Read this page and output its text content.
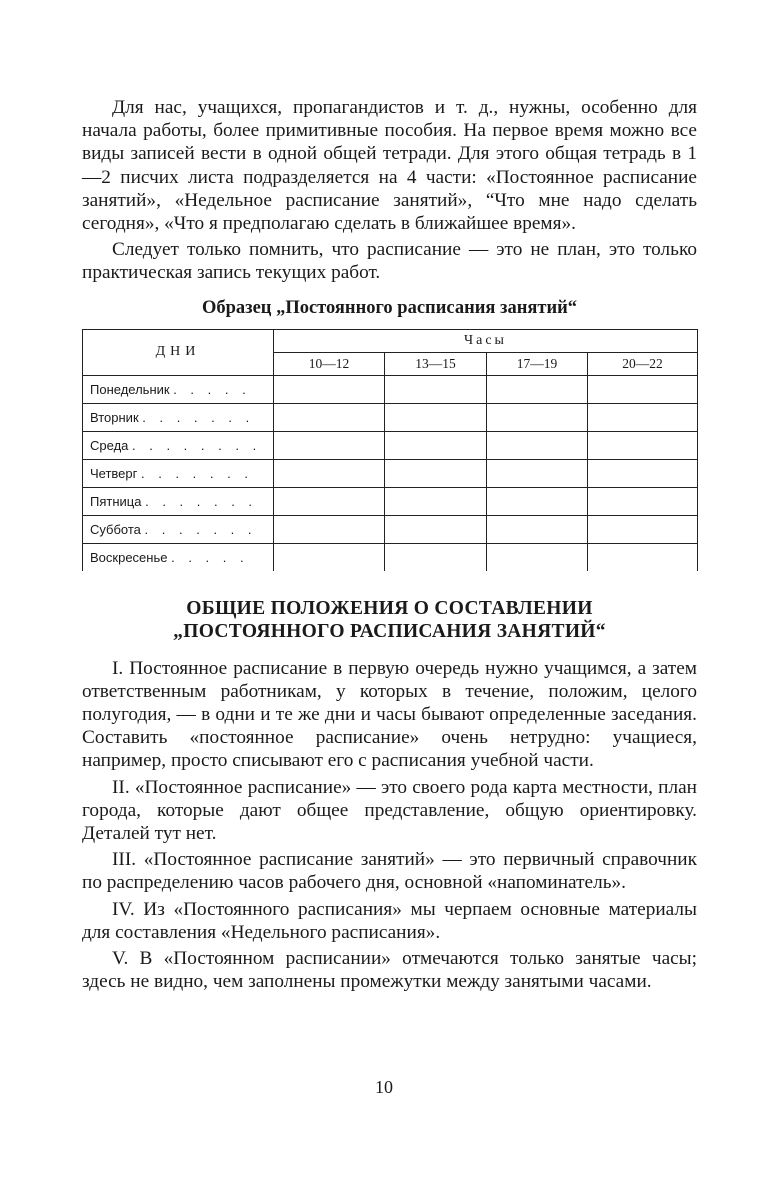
Для нас, учащихся, пропагандистов и т. д., нужны, особенно для начала работы, более примитивные пособия. На первое время можно все виды записей вести в одной общей тетради. Для этого общая тетрадь в 1—2 писчих листа подразделяется на 4 части: «Постоянное расписание занятий», «Недельное расписание занятий», “Что мне надо сделать сегодня», «Что я предполагаю сделать в ближайшее время».

Следует только помнить, что расписание — это не план, это только практическая запись текущих работ.

Образец „Постоянного расписания занятий“
ДНИ	Часы			
	10—12	13—15	17—19	20—22
Понедельник . . . . .				
Вторник . . . . . . .				
Среда . . . . . . . .				
Четверг . . . . . . .				
Пятница . . . . . . .				
Суббота . . . . . . .				
Воскресенье . . . . .				
ОБЩИЕ ПОЛОЖЕНИЯ О СОСТАВЛЕНИИ
„ПОСТОЯННОГО РАСПИСАНИЯ ЗАНЯТИЙ“

I. Постоянное расписание в первую очередь нужно учащимся, а затем ответственным работникам, у которых в течение, положим, целого полугодия, — в одни и те же дни и часы бывают определенные заседания. Составить «постоянное расписание» очень нетрудно: учащиеся, например, просто списывают его с расписания учебной части.

II. «Постоянное расписание» — это своего рода карта местности, план города, которые дают общее представление, общую ориентировку. Деталей тут нет.

III. «Постоянное расписание занятий» — это первичный справочник по распределению часов рабочего дня, основной «напоминатель».

IV. Из «Постоянного расписания» мы черпаем основные материалы для составления «Недельного расписания».

V. В «Постоянном расписании» отмечаются только занятые часы; здесь не видно, чем заполнены промежутки между занятыми часами.

10
